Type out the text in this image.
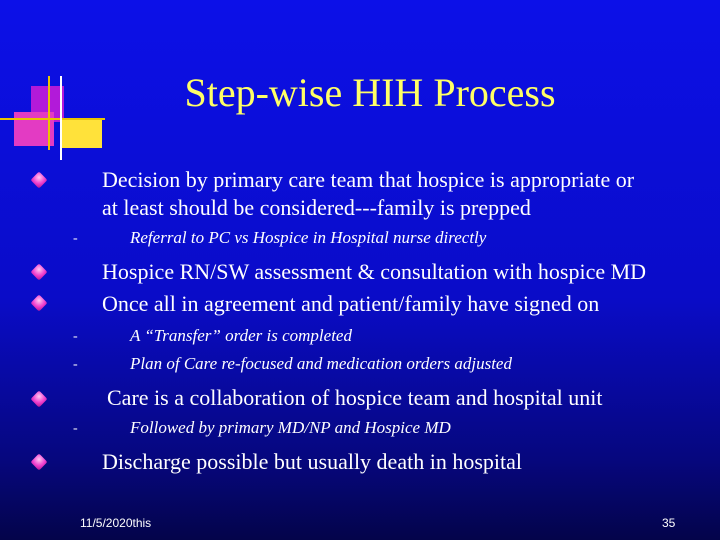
Step-wise HIH Process
Decision by primary care team that hospice is appropriate or
at least should be considered---family is prepped
-	Referral to PC vs Hospice in Hospital nurse directly
Hospice RN/SW assessment & consultation with hospice MD
Once all in agreement and patient/family have signed on
-	A “Transfer” order is completed
-	Plan of Care re-focused and medication orders adjusted
Care is a collaboration of hospice team and hospital unit
-	Followed by primary MD/NP and Hospice MD
Discharge possible but usually death in hospital
11/5/2020this	35
